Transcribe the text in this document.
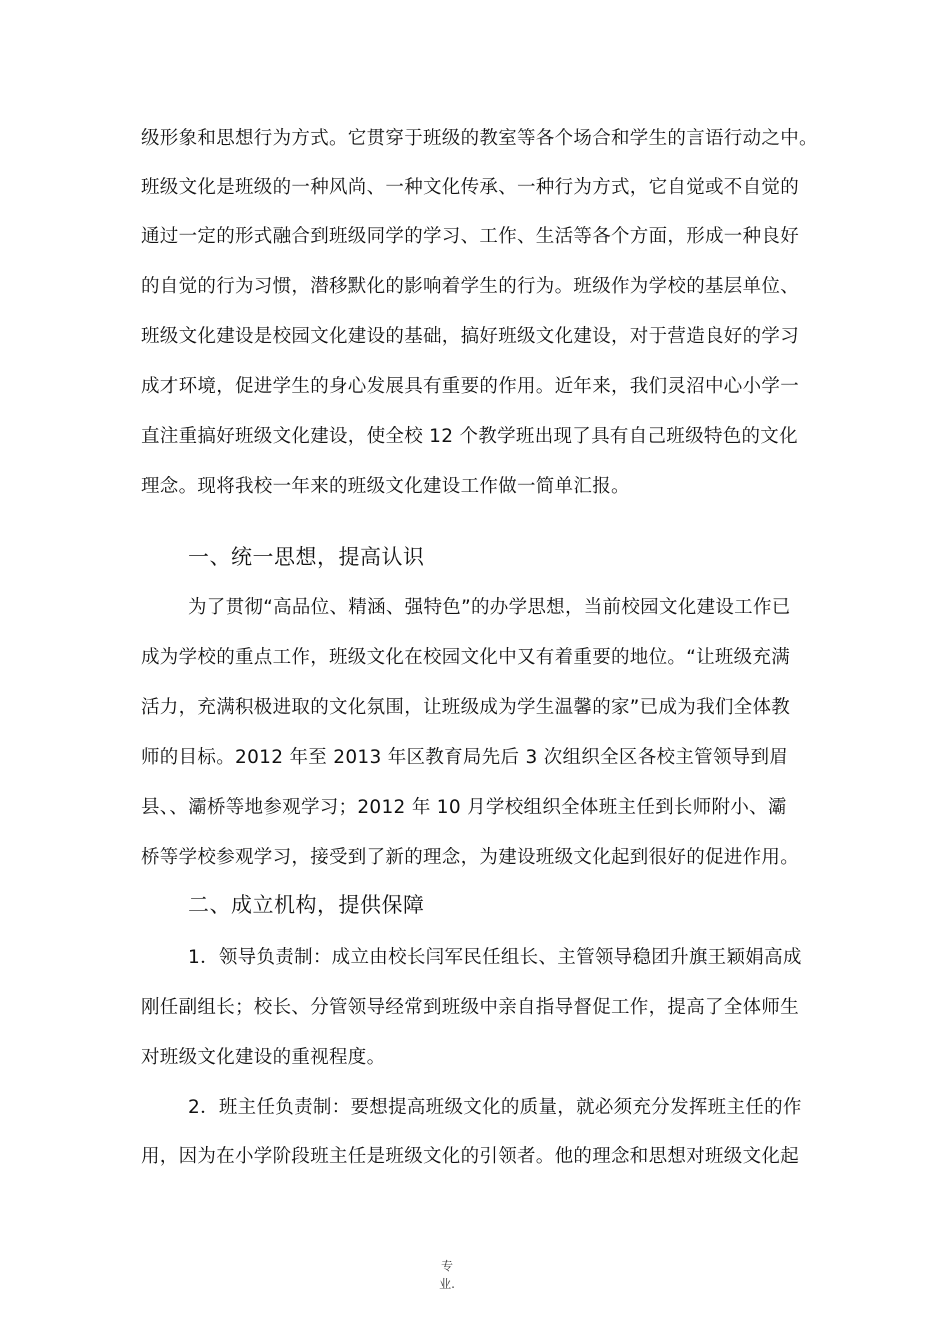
级形象和思想行为方式。它贯穿于班级的教室等各个场合和学生的言语行动之中。
班级文化是班级的一种风尚、一种文化传承、一种行为方式，它自觉或不自觉的
通过一定的形式融合到班级同学的学习、工作、生活等各个方面，形成一种良好
的自觉的行为习惯，潜移默化的影响着学生的行为。班级作为学校的基层单位、
班级文化建设是校园文化建设的基础，搞好班级文化建设，对于营造良好的学习
成才环境，促进学生的身心发展具有重要的作用。近年来，我们灵沼中心小学一
直注重搞好班级文化建设，使全校 12 个教学班出现了具有自己班级特色的文化
理念。现将我校一年来的班级文化建设工作做一简单汇报。
一、统一思想，提高认识
为了贯彻“高品位、精涵、强特色”的办学思想，当前校园文化建设工作已
成为学校的重点工作，班级文化在校园文化中又有着重要的地位。“让班级充满
活力，充满积极进取的文化氛围，让班级成为学生温馨的家”已成为我们全体教
师的目标。2012 年至 2013 年区教育局先后 3 次组织全区各校主管领导到眉
县、、灞桥等地参观学习；2012 年 10 月学校组织全体班主任到长师附小、灞
桥等学校参观学习，接受到了新的理念，为建设班级文化起到很好的促进作用。
二、成立机构，提供保障
1．领导负责制：成立由校长闫军民任组长、主管领导稳团升旗王颖娟高成
刚任副组长；校长、分管领导经常到班级中亲自指导督促工作，提高了全体师生
对班级文化建设的重视程度。
2．班主任负责制：要想提高班级文化的质量，就必须充分发挥班主任的作
用，因为在小学阶段班主任是班级文化的引领者。他的理念和思想对班级文化起
专
业.
